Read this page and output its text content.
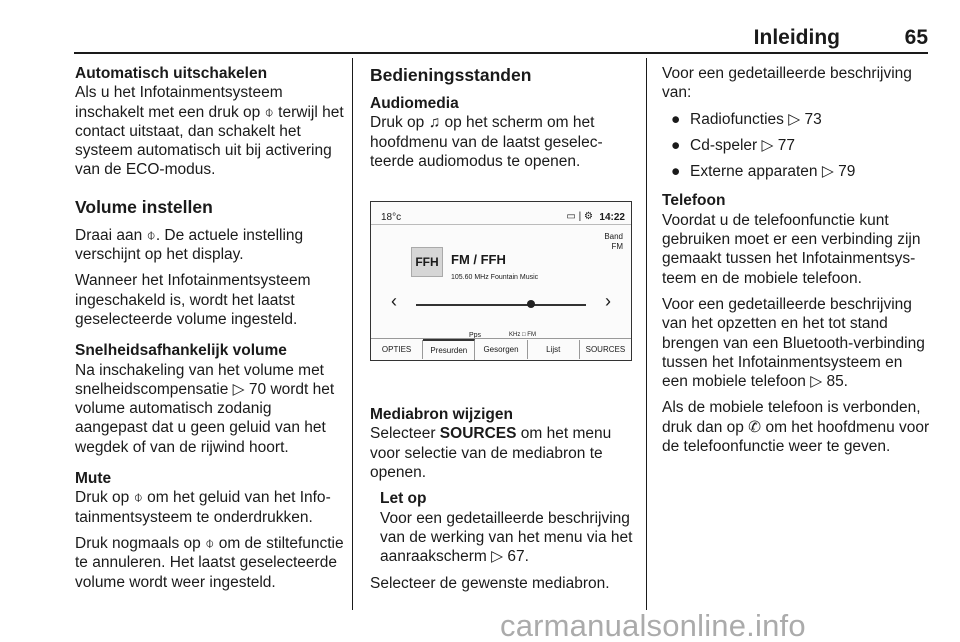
Inleiding	65
Automatisch uitschakelen
Als u het Infotainmentsysteem inschakelt met een druk op ⌽ terwijl het contact uitstaat, dan schakelt het systeem automatisch uit bij activering van de ECO-modus.
Volume instellen
Draai aan ⌽. De actuele instelling verschijnt op het display.
Wanneer het Infotainmentsysteem ingeschakeld is, wordt het laatst geselecteerde volume ingesteld.
Snelheidsafhankelijk volume
Na inschakeling van het volume met snelheidscompensatie ▷ 70 wordt het volume automatisch zodanig aangepast dat u geen geluid van het wegdek of van de rijwind hoort.
Mute
Druk op ⌽ om het geluid van het Infotainmentsysteem te onderdrukken.
Druk nogmaals op ⌽ om de stiltefunctie te annuleren. Het laatst geselecteerde volume wordt weer ingesteld.
Bedieningsstanden
Audiomedia
Druk op ♫ op het scherm om het hoofdmenu van de laatst geselecteerde audiomodus te openen.
18°c	▭ | ⚙ 14:22
Band
FM
FFH FM / FFH
105.60 MHz Fountain Music
‹	›
Pps	KHz □ FM
OPTIES	Presurden	Gesorgen	Lijst	SOURCES
Mediabron wijzigen
Selecteer SOURCES om het menu voor selectie van de mediabron te openen.
Let op
Voor een gedetailleerde beschrijving van de werking van het menu via het aanraakscherm ▷ 67.
Selecteer de gewenste mediabron.
Voor een gedetailleerde beschrijving van:
● Radiofuncties ▷ 73
● Cd-speler ▷ 77
● Externe apparaten ▷ 79
Telefoon
Voordat u de telefoonfunctie kunt gebruiken moet er een verbinding zijn gemaakt tussen het Infotainmentsysteem en de mobiele telefoon.
Voor een gedetailleerde beschrijving van het opzetten en het tot stand brengen van een Bluetooth-verbinding tussen het Infotainmentsysteem en een mobiele telefoon ▷ 85.
Als de mobiele telefoon is verbonden, druk dan op ✆ om het hoofdmenu voor de telefoonfunctie weer te geven.
carmanualsonline.info
